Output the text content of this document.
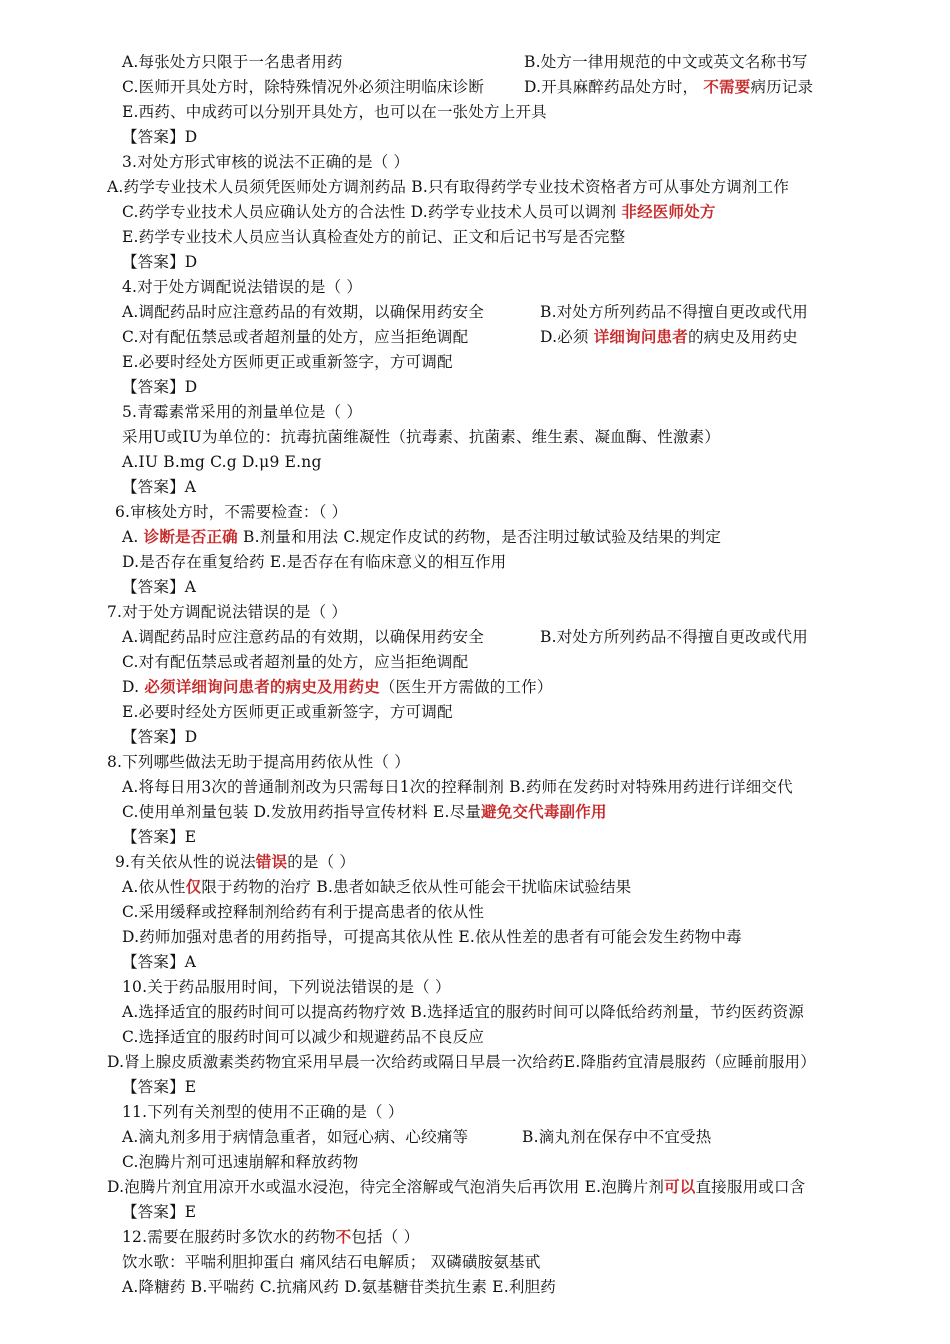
A.每张处方只限于一名患者用药	B.处方一律用规范的中文或英文名称书写
C.医师开具处方时，除特殊情况外必须注明临床诊断	D.开具麻醉药品处方时， 不需要病历记录
E.西药、中成药可以分别开具处方，也可以在一张处方上开具
【答案】D
3.对处方形式审核的说法不正确的是（ ）
A.药学专业技术人员须凭医师处方调剂药品 B.只有取得药学专业技术资格者方可从事处方调剂工作
C.药学专业技术人员应确认处方的合法性 D.药学专业技术人员可以调剂 非经医师处方
E.药学专业技术人员应当认真检查处方的前记、正文和后记书写是否完整
【答案】D
4.对于处方调配说法错误的是（ ）
A.调配药品时应注意药品的有效期，以确保用药安全	B.对处方所列药品不得擅自更改或代用
C.对有配伍禁忌或者超剂量的处方，应当拒绝调配	D.必须 详细询问患者的病史及用药史
E.必要时经处方医师更正或重新签字，方可调配
【答案】D
5.青霉素常采用的剂量单位是（ ）
采用U或IU为单位的：抗毒抗菌维凝性（抗毒素、抗菌素、维生素、凝血酶、性激素）
A.IU B.mg C.g D.μ9 E.ng
【答案】A
6.审核处方时，不需要检查：（ ）
A. 诊断是否正确 B.剂量和用法 C.规定作皮试的药物，是否注明过敏试验及结果的判定
D.是否存在重复给药 E.是否存在有临床意义的相互作用
【答案】A
7.对于处方调配说法错误的是（ ）
A.调配药品时应注意药品的有效期，以确保用药安全	B.对处方所列药品不得擅自更改或代用
C.对有配伍禁忌或者超剂量的处方，应当拒绝调配
D. 必须详细询问患者的病史及用药史（医生开方需做的工作）
E.必要时经处方医师更正或重新签字，方可调配
【答案】D
8.下列哪些做法无助于提高用药依从性（ ）
A.将每日用3次的普通制剂改为只需每日1次的控释制剂 B.药师在发药时对特殊用药进行详细交代
C.使用单剂量包装 D.发放用药指导宣传材料 E.尽量避免交代毒副作用
【答案】E
9.有关依从性的说法错误的是（ ）
A.依从性仅限于药物的治疗 B.患者如缺乏依从性可能会干扰临床试验结果
C.采用缓释或控释制剂给药有利于提高患者的依从性
D.药师加强对患者的用药指导，可提高其依从性 E.依从性差的患者有可能会发生药物中毒
【答案】A
10.关于药品服用时间，下列说法错误的是（ ）
A.选择适宜的服药时间可以提高药物疗效 B.选择适宜的服药时间可以降低给药剂量，节约医药资源
C.选择适宜的服药时间可以减少和规避药品不良反应
D.肾上腺皮质激素类药物宜采用早晨一次给药或隔日早晨一次给药E.降脂药宜清晨服药（应睡前服用）
【答案】E
11.下列有关剂型的使用不正确的是（ ）
A.滴丸剂多用于病情急重者，如冠心病、心绞痛等	B.滴丸剂在保存中不宜受热
C.泡腾片剂可迅速崩解和释放药物
D.泡腾片剂宜用凉开水或温水浸泡，待完全溶解或气泡消失后再饮用 E.泡腾片剂可以直接服用或口含
【答案】E
12.需要在服药时多饮水的药物不包括（ ）
饮水歌：平喘利胆抑蛋白 痛风结石电解质； 双磷磺胺氨基甙
A.降糖药 B.平喘药 C.抗痛风药 D.氨基糖苷类抗生素 E.利胆药
